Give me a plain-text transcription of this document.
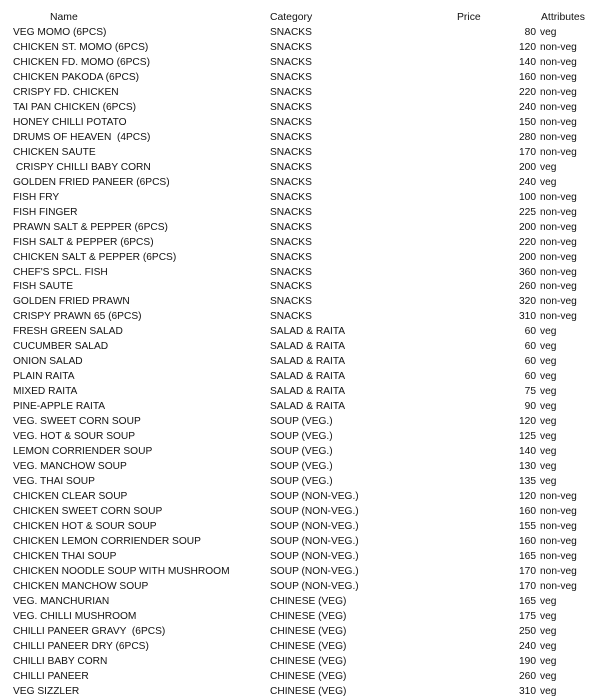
Name	Category	Price	Attributes
VEG MOMO (6PCS)	SNACKS	80 veg
CHICKEN ST. MOMO (6PCS)	SNACKS	120 non-veg
CHICKEN FD. MOMO (6PCS)	SNACKS	140 non-veg
CHICKEN PAKODA (6PCS)	SNACKS	160 non-veg
CRISPY FD. CHICKEN	SNACKS	220 non-veg
TAI PAN CHICKEN (6PCS)	SNACKS	240 non-veg
HONEY CHILLI POTATO	SNACKS	150 non-veg
DRUMS OF HEAVEN  (4PCS)	SNACKS	280 non-veg
CHICKEN SAUTE	SNACKS	170 non-veg
CRISPY CHILLI BABY CORN	SNACKS	200 veg
GOLDEN FRIED PANEER (6PCS)	SNACKS	240 veg
FISH FRY	SNACKS	100 non-veg
FISH FINGER	SNACKS	225 non-veg
PRAWN SALT & PEPPER (6PCS)	SNACKS	200 non-veg
FISH SALT & PEPPER (6PCS)	SNACKS	220 non-veg
CHICKEN SALT & PEPPER (6PCS)	SNACKS	200 non-veg
CHEF'S SPCL. FISH	SNACKS	360 non-veg
FISH SAUTE	SNACKS	260 non-veg
GOLDEN FRIED PRAWN	SNACKS	320 non-veg
CRISPY PRAWN 65 (6PCS)	SNACKS	310 non-veg
FRESH GREEN SALAD	SALAD & RAITA	60 veg
CUCUMBER SALAD	SALAD & RAITA	60 veg
ONION SALAD	SALAD & RAITA	60 veg
PLAIN RAITA	SALAD & RAITA	60 veg
MIXED RAITA	SALAD & RAITA	75 veg
PINE-APPLE RAITA	SALAD & RAITA	90 veg
VEG. SWEET CORN SOUP	SOUP (VEG.)	120 veg
VEG. HOT & SOUR SOUP	SOUP (VEG.)	125 veg
LEMON CORRIENDER SOUP	SOUP (VEG.)	140 veg
VEG. MANCHOW SOUP	SOUP (VEG.)	130 veg
VEG. THAI SOUP	SOUP (VEG.)	135 veg
CHICKEN CLEAR SOUP	SOUP (NON-VEG.)	120 non-veg
CHICKEN SWEET CORN SOUP	SOUP (NON-VEG.)	160 non-veg
CHICKEN HOT & SOUR SOUP	SOUP (NON-VEG.)	155 non-veg
CHICKEN LEMON CORRIENDER SOUP	SOUP (NON-VEG.)	160 non-veg
CHICKEN THAI SOUP	SOUP (NON-VEG.)	165 non-veg
CHICKEN NOODLE SOUP WITH MUSHROOM	SOUP (NON-VEG.)	170 non-veg
CHICKEN MANCHOW SOUP	SOUP (NON-VEG.)	170 non-veg
VEG. MANCHURIAN	CHINESE (VEG)	165 veg
VEG. CHILLI MUSHROOM	CHINESE (VEG)	175 veg
CHILLI PANEER GRAVY  (6PCS)	CHINESE (VEG)	250 veg
CHILLI PANEER DRY (6PCS)	CHINESE (VEG)	240 veg
CHILLI BABY CORN	CHINESE (VEG)	190 veg
CHILLI PANEER	CHINESE (VEG)	260 veg
VEG SIZZLER	CHINESE (VEG)	310 veg
